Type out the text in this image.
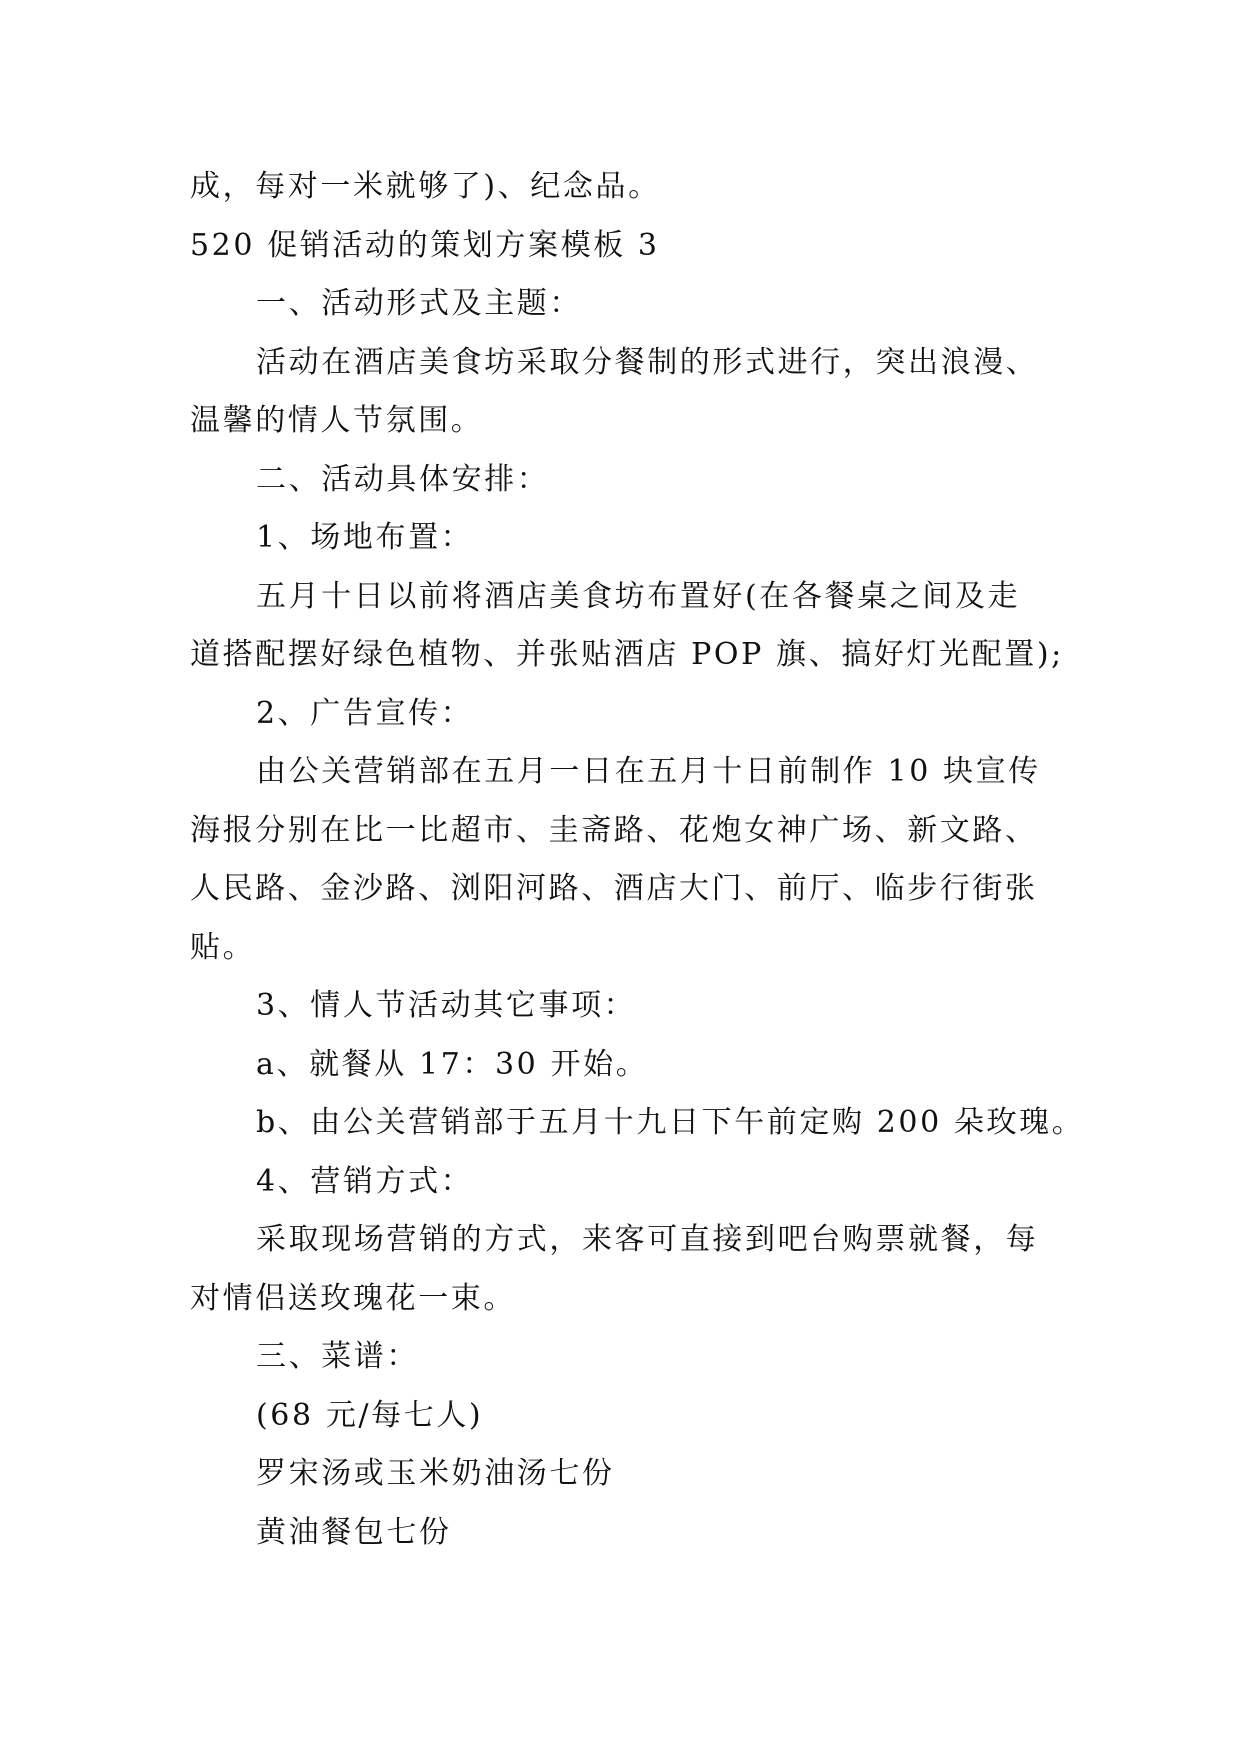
成，每对一米就够了)、纪念品。
520 促销活动的策划方案模板 3
一、活动形式及主题：
活动在酒店美食坊采取分餐制的形式进行，突出浪漫、
温馨的情人节氛围。
二、活动具体安排：
1、场地布置：
五月十日以前将酒店美食坊布置好(在各餐桌之间及走
道搭配摆好绿色植物、并张贴酒店 POP 旗、搞好灯光配置);
2、广告宣传：
由公关营销部在五月一日在五月十日前制作 10 块宣传
海报分别在比一比超市、圭斋路、花炮女神广场、新文路、
人民路、金沙路、浏阳河路、酒店大门、前厅、临步行街张
贴。
3、情人节活动其它事项：
a、就餐从 17：30 开始。
b、由公关营销部于五月十九日下午前定购 200 朵玫瑰。
4、营销方式：
采取现场营销的方式，来客可直接到吧台购票就餐，每
对情侣送玫瑰花一束。
三、菜谱：
(68 元/每七人)
罗宋汤或玉米奶油汤七份
黄油餐包七份
